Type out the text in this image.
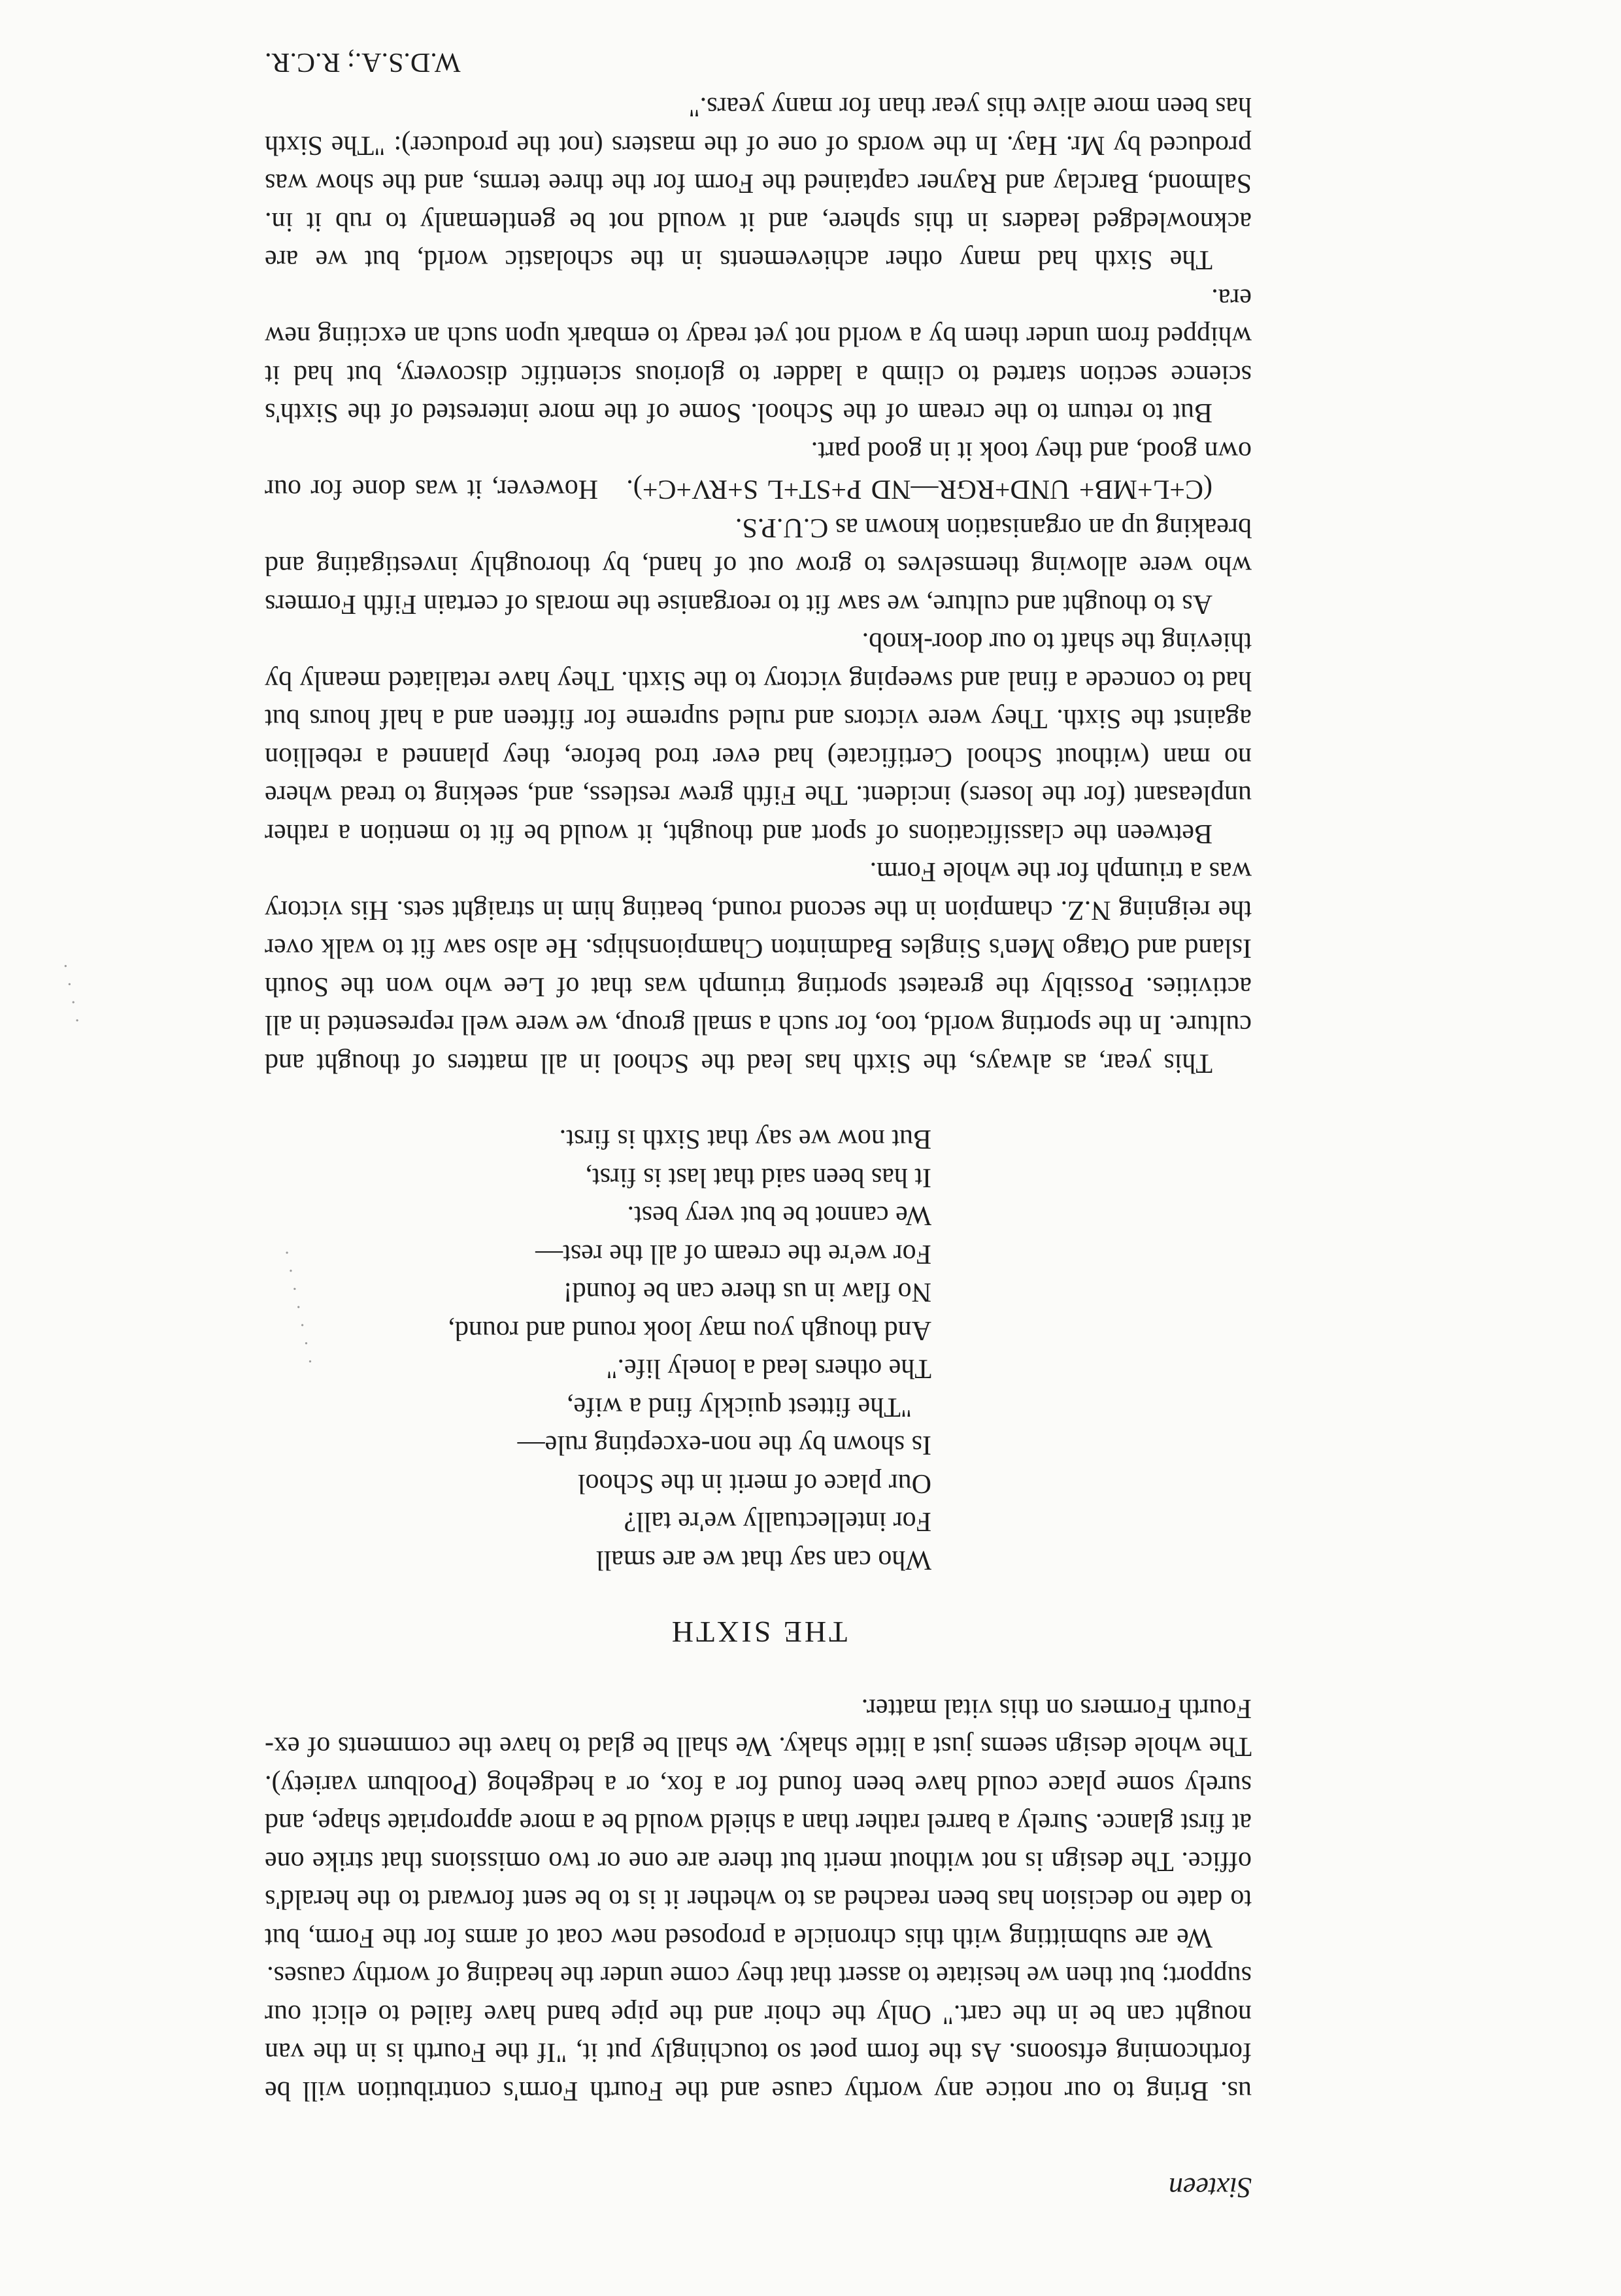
us. Bring to our notice any worthy cause and the Fourth Form's contribution will be forthcoming eftsoons. As the form poet so touchingly put it, "If the Fourth is in the van nought can be in the cart." Only the choir and the pipe band have failed to elicit our support; but then we hesitate to assert that they come under the heading of worthy causes.

We are submitting with this chronicle a proposed new coat of arms for the Form, but to date no decision has been reached as to whether it is to be sent forward to the herald's office. The design is not without merit but there are one or two omissions that strike one at first glance. Surely a barrel rather than a shield would be a more appropriate shape, and surely some place could have been found for a fox, or a hedgehog (Poolburn variety). The whole design seems just a little shaky. We shall be glad to have the comments of ex-Fourth Formers on this vital matter.

THE SIXTH
Who can say that we are small
For intellectually we're tall?
Our place of merit in the School
Is shown by the non-excepting rule—
"The fittest quickly find a wife,
The others lead a lonely life."
And though you may look round and round,
No flaw in us there can be found!
For we're the cream of all the rest—
We cannot be but very best.
It has been said that last is first,
But now we say that Sixth is first.

This year, as always, the Sixth has lead the School in all matters of thought and culture. In the sporting world, too, for such a small group, we were well represented in all activities. Possibly the greatest sporting triumph was that of Lee who won the South Island and Otago Men's Singles Badminton Championships. He also saw fit to walk over the reigning N.Z. champion in the second round, beating him in straight sets. His victory was a triumph for the whole Form.

Between the classifications of sport and thought, it would be fit to mention a rather unpleasant (for the losers) incident. The Fifth grew restless, and, seeking to tread where no man (without School Certificate) had ever trod before, they planned a rebellion against the Sixth. They were victors and ruled supreme for fifteen and a half hours but had to concede a final and sweeping victory to the Sixth. They have retaliated meanly by thieving the shaft to our door-knob.

As to thought and culture, we saw fit to reorganise the morals of certain Fifth Formers who were allowing themselves to grow out of hand, by thoroughly investigating and breaking up an organisation known as C.U.P.S.

(C+L+MB+ UND+RGR—ND P+ST+L S+RV+C+).   However, it was done for our own good, and they took it in good part.

But to return to the cream of the School. Some of the more interested of the Sixth's science section started to climb a ladder to glorious scientific discovery, but had it whipped from under them by a world not yet ready to embark upon such an exciting new era.

The Sixth had many other achievements in the scholastic world, but we are acknowledged leaders in this sphere, and it would not be gentlemanly to rub it in. Salmond, Barclay and Rayner captained the Form for the three terms, and the show was produced by Mr. Hay. In the words of one of the masters (not the producer): "The Sixth has been more alive this year than for many years."

W.D.S.A.; R.C.R.
Sixteen
· · · · · · ·
· · · ·
